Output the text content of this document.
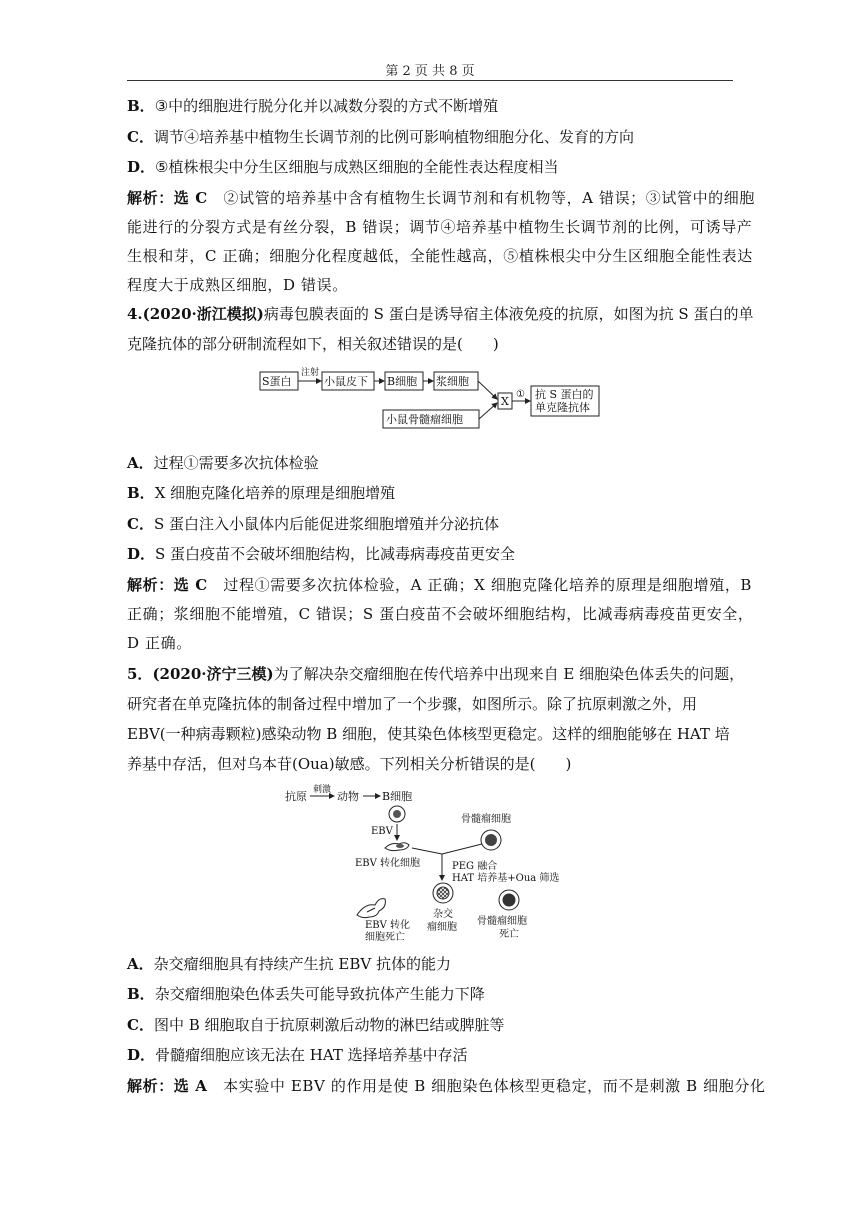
第 2 页 共 8 页
B．③中的细胞进行脱分化并以减数分裂的方式不断增殖
C．调节④培养基中植物生长调节剂的比例可影响植物细胞分化、发育的方向
D．⑤植株根尖中分生区细胞与成熟区细胞的全能性表达程度相当
解析：选 C　 ②试管的培养基中含有植物生长调节剂和有机物等，A 错误；③试管中的细胞
能进行的分裂方式是有丝分裂，B 错误；调节④培养基中植物生长调节剂的比例，可诱导产
生根和芽，C 正确；细胞分化程度越低，全能性越高，⑤植株根尖中分生区细胞全能性表达
程度大于成熟区细胞，D 错误。
4.(2020·浙江模拟)病毒包膜表面的 S 蛋白是诱导宿主体液免疫的抗原，如图为抗 S 蛋白的单
克隆抗体的部分研制流程如下，相关叙述错误的是(　　)
S蛋白
注射
小鼠皮下 B细胞 浆细胞
小鼠骨髓瘤细胞
X
① 抗 S 蛋白的
单克隆抗体
A．过程①需要多次抗体检验
B．X 细胞克隆化培养的原理是细胞增殖
C．S 蛋白注入小鼠体内后能促进浆细胞增殖并分泌抗体
D．S 蛋白疫苗不会破坏细胞结构，比减毒病毒疫苗更安全
解析：选 C　 过程①需要多次抗体检验，A 正确；X 细胞克隆化培养的原理是细胞增殖，B
正确；浆细胞不能增殖，C 错误；S 蛋白疫苗不会破坏细胞结构，比减毒病毒疫苗更安全，
D 正确。
5．(2020·济宁三模)为了解决杂交瘤细胞在传代培养中出现来自 E 细胞染色体丢失的问题，
研究者在单克隆抗体的制备过程中增加了一个步骤，如图所示。除了抗原刺激之外，用
EBV(一种病毒颗粒)感染动物 B 细胞，使其染色体核型更稳定。这样的细胞能够在 HAT 培
养基中存活，但对乌本苷(Oua)敏感。下列相关分析错误的是(　　)
抗原 刺激 动物 B细胞
EBV
EBV 转化细胞
骨髓瘤细胞
PEG 融合
HAT 培养基+Oua 筛选
杂交
瘤细胞
EBV 转化
细胞死亡
骨髓瘤细胞
死亡
A．杂交瘤细胞具有持续产生抗 EBV 抗体的能力
B．杂交瘤细胞染色体丢失可能导致抗体产生能力下降
C．图中 B 细胞取自于抗原刺激后动物的淋巴结或脾脏等
D．骨髓瘤细胞应该无法在 HAT 选择培养基中存活
解析：选 A　 本实验中 EBV 的作用是使 B 细胞染色体核型更稳定，而不是刺激 B 细胞分化
